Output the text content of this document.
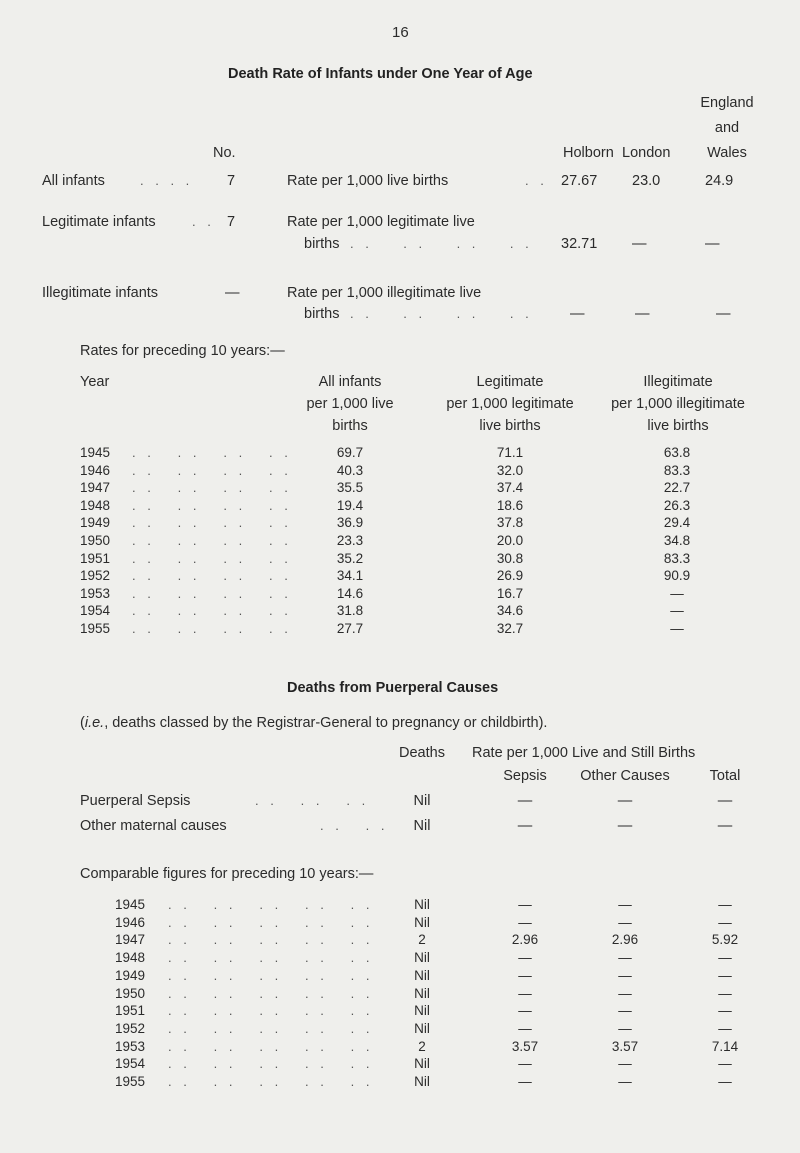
16
Death Rate of Infants under One Year of Age
No.	Holborn London
England
and
Wales
All infants	. . . . 7	Rate per 1,000 live births	. . 27.67 23.0	24.9
Legitimate infants	. . 7	Rate per 1,000 legitimate live
births . .    . .    . .    . . 32.71 —	—
Illegitimate infants	—	Rate per 1,000 illegitimate live
births . .    . .    . .    . .	—	—	—
Rates for preceding 10 years:—
Year	All infants
per 1,000 live
births
Legitimate
per 1,000 legitimate
live births
Illegitimate
per 1,000 illegitimate
live births
1945 . .   . .   . .   . .	69.7	71.1	63.8
1946 . .   . .   . .   . .	40.3	32.0	83.3
1947 . .   . .   . .   . .	35.5	37.4	22.7
1948 . .   . .   . .   . .	19.4	18.6	26.3
1949 . .   . .   . .   . .	36.9	37.8	29.4
1950 . .   . .   . .   . .	23.3	20.0	34.8
1951 . .   . .   . .   . .	35.2	30.8	83.3
1952 . .   . .   . .   . .	34.1	26.9	90.9
1953 . .   . .   . .   . .	14.6	16.7	—
1954 . .   . .   . .   . .	31.8	34.6	—
1955 . .   . .   . .   . .	27.7	32.7	—
Deaths from Puerperal Causes
(i.e., deaths classed by the Registrar-General to pregnancy or childbirth).
Deaths Rate per 1,000 Live and Still Births
Sepsis	Other Causes	Total
Puerperal Sepsis	. .   . .   . .	Nil	—	—	—
Other maternal causes	. .   . .	Nil	—	—	—
Comparable figures for preceding 10 years:—
1945 . .   . .   . .   . .   . .	Nil	—	—	—
1946 . .   . .   . .   . .   . .	Nil	—	—	—
1947 . .   . .   . .   . .   . .	2	2.96	2.96	5.92
1948 . .   . .   . .   . .   . .	Nil	—	—	—
1949 . .   . .   . .   . .   . .	Nil	—	—	—
1950 . .   . .   . .   . .   . .	Nil	—	—	—
1951 . .   . .   . .   . .   . .	Nil	—	—	—
1952 . .   . .   . .   . .   . .	Nil	—	—	—
1953 . .   . .   . .   . .   . .	2	3.57	3.57	7.14
1954 . .   . .   . .   . .   . .	Nil	—	—	—
1955 . .   . .   . .   . .   . .	Nil	—	—	—
